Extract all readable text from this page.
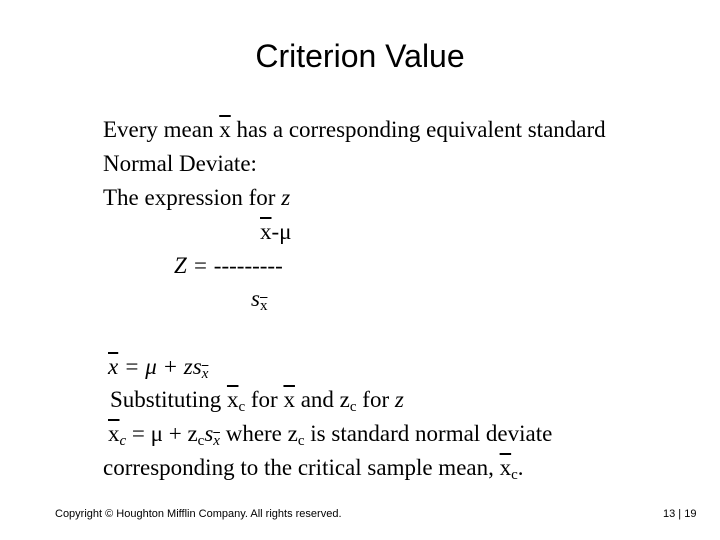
Criterion Value
Every mean $\overline{x}$ has a corresponding equivalent standard
Normal Deviate:
The expression for z
$\overline{x}-\mu$
Z = ---------
$s_{\overline{x}}$
$\overline{x} = \mu + zs_{\overline{x}}$
Substituting $\overline{x}_c$ for $\overline{x}$ and $z_c$ for z
$\overline{x}_c = \mu + z_cs_{\overline{x}}$ where $z_c$ is standard normal deviate
corresponding to the critical sample mean, $\overline{x}_c$.
Copyright © Houghton Mifflin Company. All rights reserved.	13 | 19
